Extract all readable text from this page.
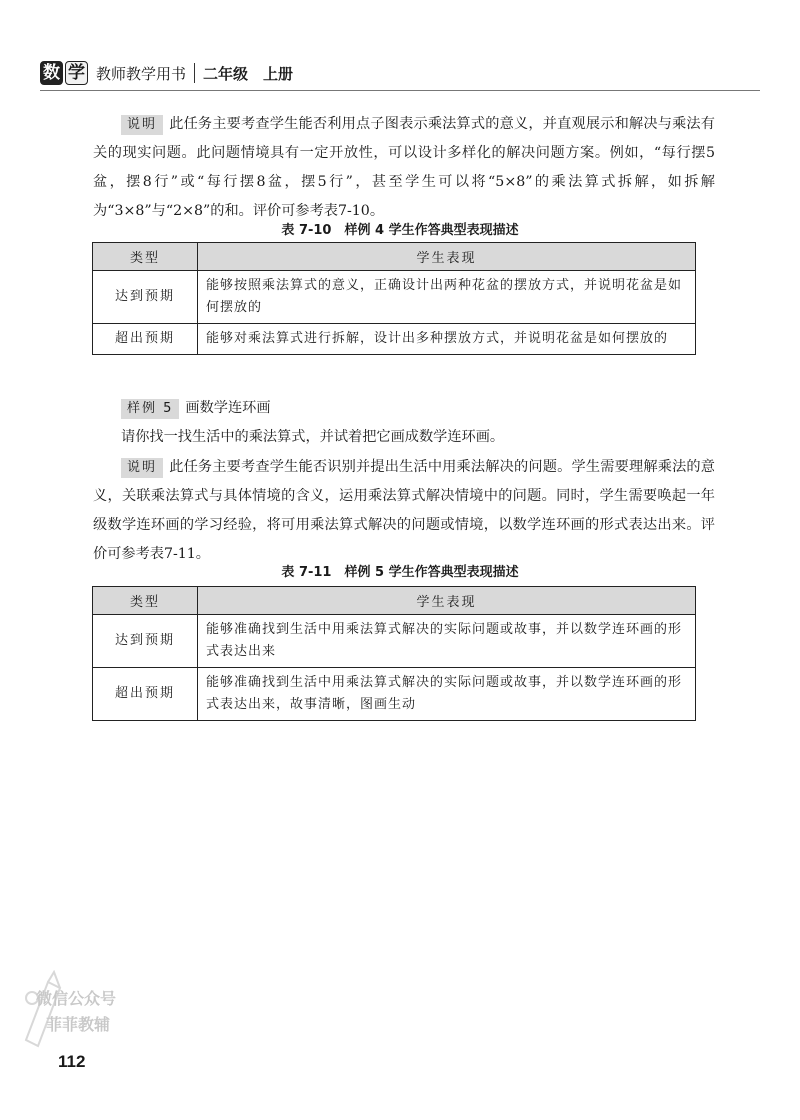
数 学 教师教学用书 二年级　上册

说明 此任务主要考查学生能否利用点子图表示乘法算式的意义，并直观展示和解决与乘法有关的现实问题。此问题情境具有一定开放性，可以设计多样化的解决问题方案。例如，“每行摆5盆，摆8行”或“每行摆8盆，摆5行”，甚至学生可以将“5×8”的乘法算式拆解，如拆解为“3×8”与“2×8”的和。评价可参考表7-10。

表 7-10　样例 4 学生作答典型表现描述
类型	学生表现
达到预期	能够按照乘法算式的意义，正确设计出两种花盆的摆放方式，并说明花盆是如何摆放的
超出预期	能够对乘法算式进行拆解，设计出多种摆放方式，并说明花盆是如何摆放的
样例 5 画数学连环画

请你找一找生活中的乘法算式，并试着把它画成数学连环画。

说明 此任务主要考查学生能否识别并提出生活中用乘法解决的问题。学生需要理解乘法的意义，关联乘法算式与具体情境的含义，运用乘法算式解决情境中的问题。同时，学生需要唤起一年级数学连环画的学习经验，将可用乘法算式解决的问题或情境，以数学连环画的形式表达出来。评价可参考表7-11。

表 7-11　样例 5 学生作答典型表现描述
类型	学生表现
达到预期	能够准确找到生活中用乘法算式解决的实际问题或故事，并以数学连环画的形式表达出来
超出预期	能够准确找到生活中用乘法算式解决的实际问题或故事，并以数学连环画的形式表达出来，故事清晰，图画生动
微信公众号
菲菲教辅
112
